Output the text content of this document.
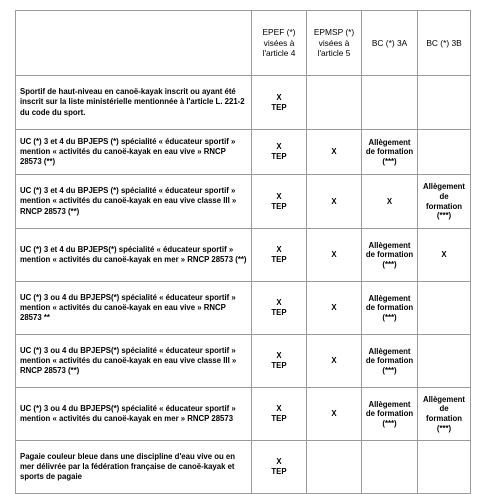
	EPEF (*)
visées à
l'article 4	EPMSP (*)
visées à
l'article 5	BC (*) 3A	BC (*) 3B
Sportif de haut-niveau en canoë-kayak inscrit ou ayant été inscrit sur la liste ministérielle mentionnée à l'article L. 221-2 du code du sport.	X
TEP			
UC (*) 3 et 4 du BPJEPS (*) spécialité « éducateur sportif » mention « activités du canoë-kayak en eau vive » RNCP 28573 (**)	X
TEP	X	Allègement
de formation
(***)	
UC (*) 3 et 4 du BPJEPS (*) spécialité « éducateur sportif » mention « activités du canoë-kayak en eau vive classe III » RNCP 28573 (**)	X
TEP	X	X	Allègement
de formation
(***)
UC (*) 3 et 4 du BPJEPS(*) spécialité « éducateur sportif » mention « activités du canoë-kayak en mer » RNCP 28573 (**)	X
TEP	X	Allègement
de formation
(***)	X
UC (*) 3 ou 4 du BPJEPS(*) spécialité « éducateur sportif » mention « activités du canoë-kayak en eau vive » RNCP 28573 **	X
TEP	X	Allègement
de formation
(***)	
UC (*) 3 ou 4 du BPJEPS(*) spécialité « éducateur sportif » mention « activités du canoë-kayak en eau vive classe III » RNCP 28573 (**)	X
TEP	X	Allègement
de formation
(***)	
UC (*) 3 ou 4 du BPJEPS(*) spécialité « éducateur sportif » mention « activités du canoë-kayak en mer » RNCP 28573	X
TEP	X	Allègement
de formation
(***)	Allègement
de formation
(***)
Pagaie couleur bleue dans une discipline d'eau vive ou en mer délivrée par la fédération française de canoë-kayak et sports de pagaie	X
TEP			
